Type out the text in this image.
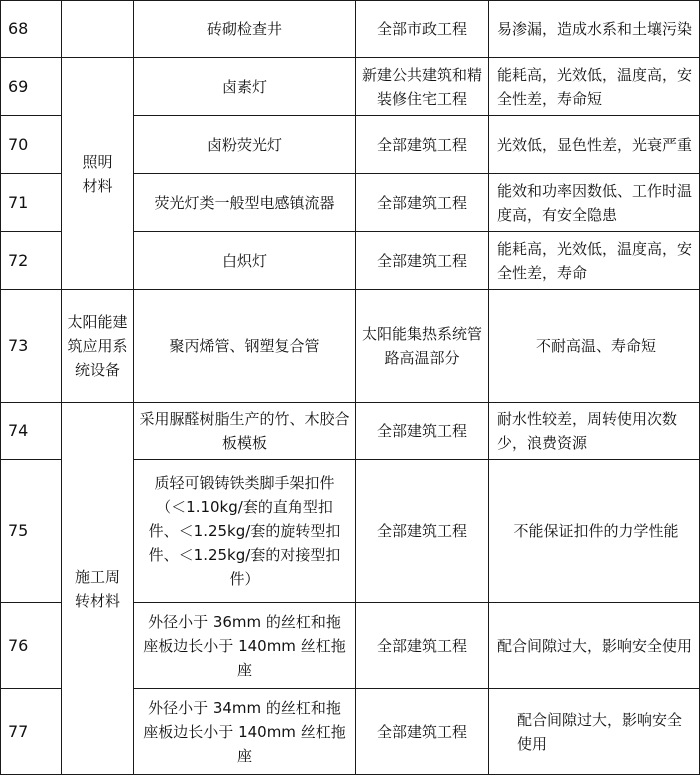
68		砖砌检查井	全部市政工程	易渗漏，造成水系和土壤污染
69	照明材料	卤素灯	新建公共建筑和精装修住宅工程	能耗高，光效低，温度高，安全性差，寿命短
70		卤粉荧光灯	全部建筑工程	光效低，显色性差，光衰严重
71		荧光灯类一般型电感镇流器	全部建筑工程	能效和功率因数低、工作时温度高，有安全隐患
72		白炽灯	全部建筑工程	能耗高，光效低，温度高，安全性差，寿命
73	太阳能建筑应用系统设备	聚丙烯管、钢塑复合管	太阳能集热系统管路高温部分	不耐高温、寿命短
74	施工周转材料	采用脲醛树脂生产的竹、木胶合板模板	全部建筑工程	耐水性较差，周转使用次数少，浪费资源
75		质轻可锻铸铁类脚手架扣件（＜1.10kg/套的直角型扣件、＜1.25kg/套的旋转型扣件、＜1.25kg/套的对接型扣件）	全部建筑工程	不能保证扣件的力学性能
76		外径小于 36mm 的丝杠和拖座板边长小于 140mm 丝杠拖座	全部建筑工程	配合间隙过大，影响安全使用
77		外径小于 34mm 的丝杠和拖座板边长小于 140mm 丝杠拖座	全部建筑工程	配合间隙过大，影响安全使用
